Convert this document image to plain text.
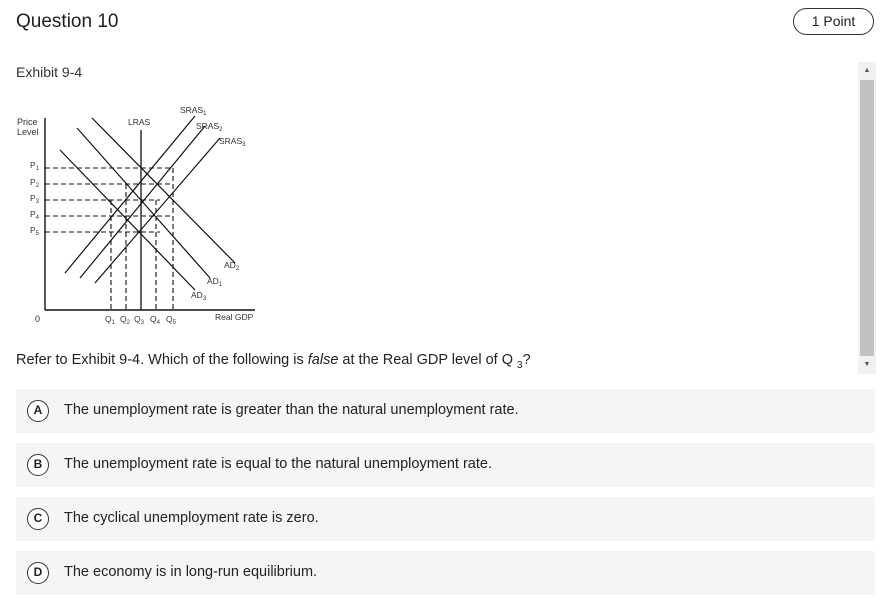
Question 10	1 Point
Exhibit 9-4
Price
Level
0	Real GDP
$P_1$
$P_2$
$P_3$
$P_4$
$P_5$
LRAS
$SRAS_1$
$SRAS_2$
$SRAS_3$
$AD_2$
$AD_1$
$AD_3$
$Q_1$ $Q_2$ $Q_3$ $Q_4$ $Q_5$
Refer to Exhibit 9-4. Which of the following is false at the Real GDP level of Q $_3$?
▲
▼
A	The unemployment rate is greater than the natural unemployment rate.
B	The unemployment rate is equal to the natural unemployment rate.
C	The cyclical unemployment rate is zero.
D	The economy is in long-run equilibrium.
